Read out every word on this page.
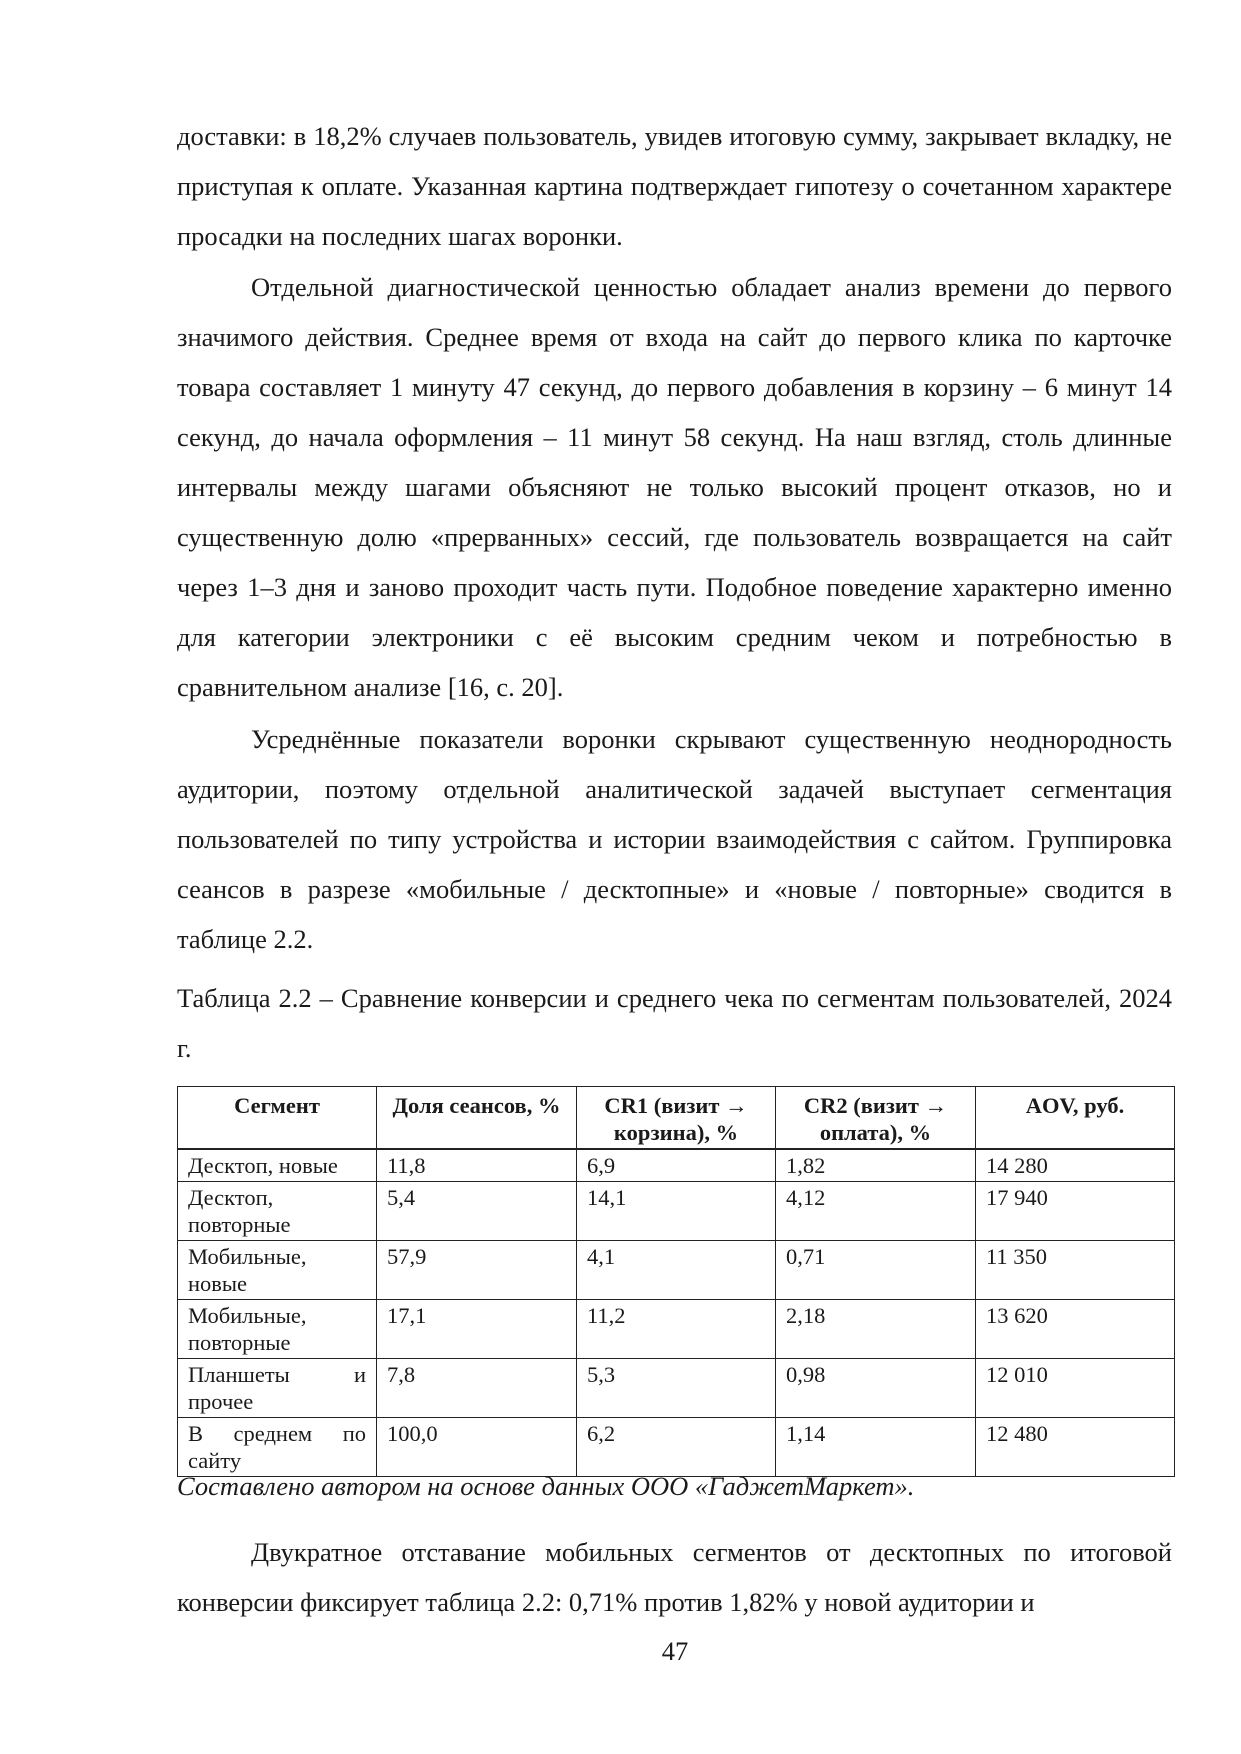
доставки: в 18,2% случаев пользователь, увидев итоговую сумму, закрывает вкладку, не приступая к оплате. Указанная картина подтверждает гипотезу о сочетанном характере просадки на последних шагах воронки.

Отдельной диагностической ценностью обладает анализ времени до первого значимого действия. Среднее время от входа на сайт до первого клика по карточке товара составляет 1 минуту 47 секунд, до первого добавления в корзину – 6 минут 14 секунд, до начала оформления – 11 минут 58 секунд. На наш взгляд, столь длинные интервалы между шагами объясняют не только высокий процент отказов, но и существенную долю «прерванных» сессий, где пользователь возвращается на сайт через 1–3 дня и заново проходит часть пути. Подобное поведение характерно именно для категории электроники с её высоким средним чеком и потребностью в сравнительном анализе [16, с. 20].

Усреднённые показатели воронки скрывают существенную неоднородность аудитории, поэтому отдельной аналитической задачей выступает сегментация пользователей по типу устройства и истории взаимодействия с сайтом. Группировка сеансов в разрезе «мобильные / десктопные» и «новые / повторные» сводится в таблице 2.2.

Таблица 2.2 – Сравнение конверсии и среднего чека по сегментам пользователей, 2024 г.
Сегмент	Доля сеансов, %	CR1 (визит → корзина), %	CR2 (визит → оплата), %	AOV, руб.
Десктоп, новые	11,8	6,9	1,82	14 280
Десктоп, повторные	5,4	14,1	4,12	17 940
Мобильные, новые	57,9	4,1	0,71	11 350
Мобильные, повторные	17,1	11,2	2,18	13 620
Планшеты и прочее	7,8	5,3	0,98	12 010
В среднем по сайту	100,0	6,2	1,14	12 480
Составлено автором на основе данных ООО «ГаджетМаркет».

Двукратное отставание мобильных сегментов от десктопных по итоговой конверсии фиксирует таблица 2.2: 0,71% против 1,82% у новой аудитории и

47
